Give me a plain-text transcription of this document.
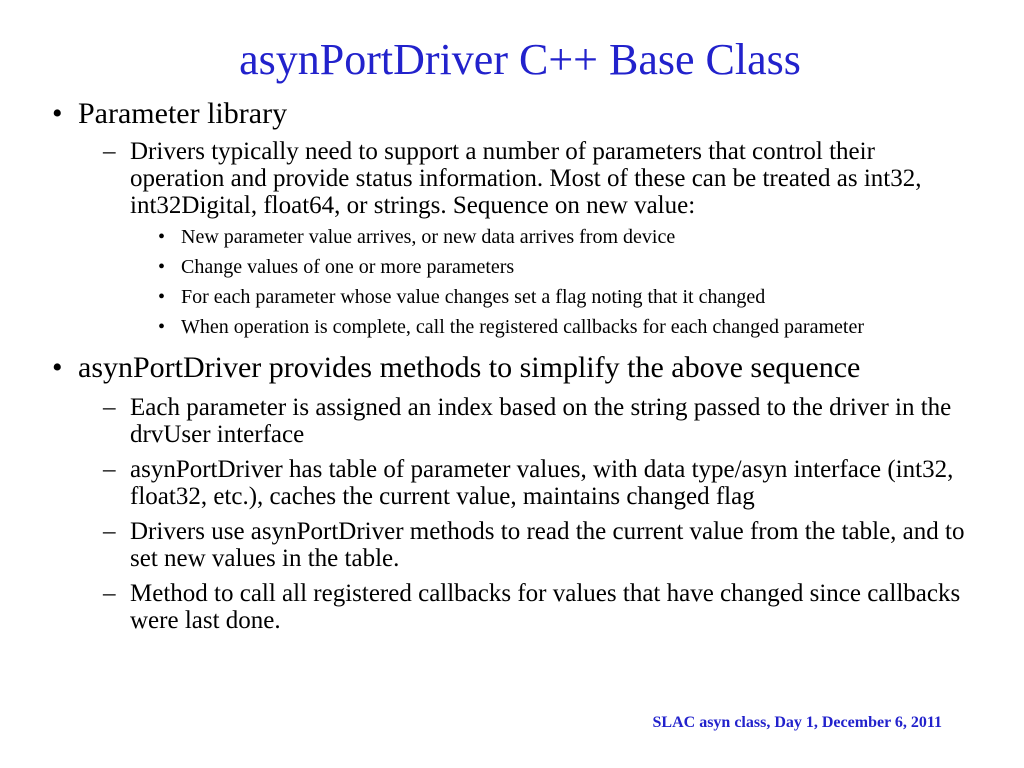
asynPortDriver C++ Base Class
• Parameter library
– Drivers typically need to support a number of parameters that control their operation and provide status information. Most of these can be treated as int32, int32Digital, float64, or strings. Sequence on new value:
• New parameter value arrives, or new data arrives from device
• Change values of one or more parameters
• For each parameter whose value changes set a flag noting that it changed
• When operation is complete, call the registered callbacks for each changed parameter
• asynPortDriver provides methods to simplify the above sequence
– Each parameter is assigned an index based on the string passed to the driver in the drvUser interface
– asynPortDriver has table of parameter values, with data type/asyn interface (int32, float32, etc.), caches the current value, maintains changed flag
– Drivers use asynPortDriver methods to read the current value from the table, and to set new values in the table.
– Method to call all registered callbacks for values that have changed since callbacks were last done.
SLAC asyn class, Day 1, December 6, 2011
